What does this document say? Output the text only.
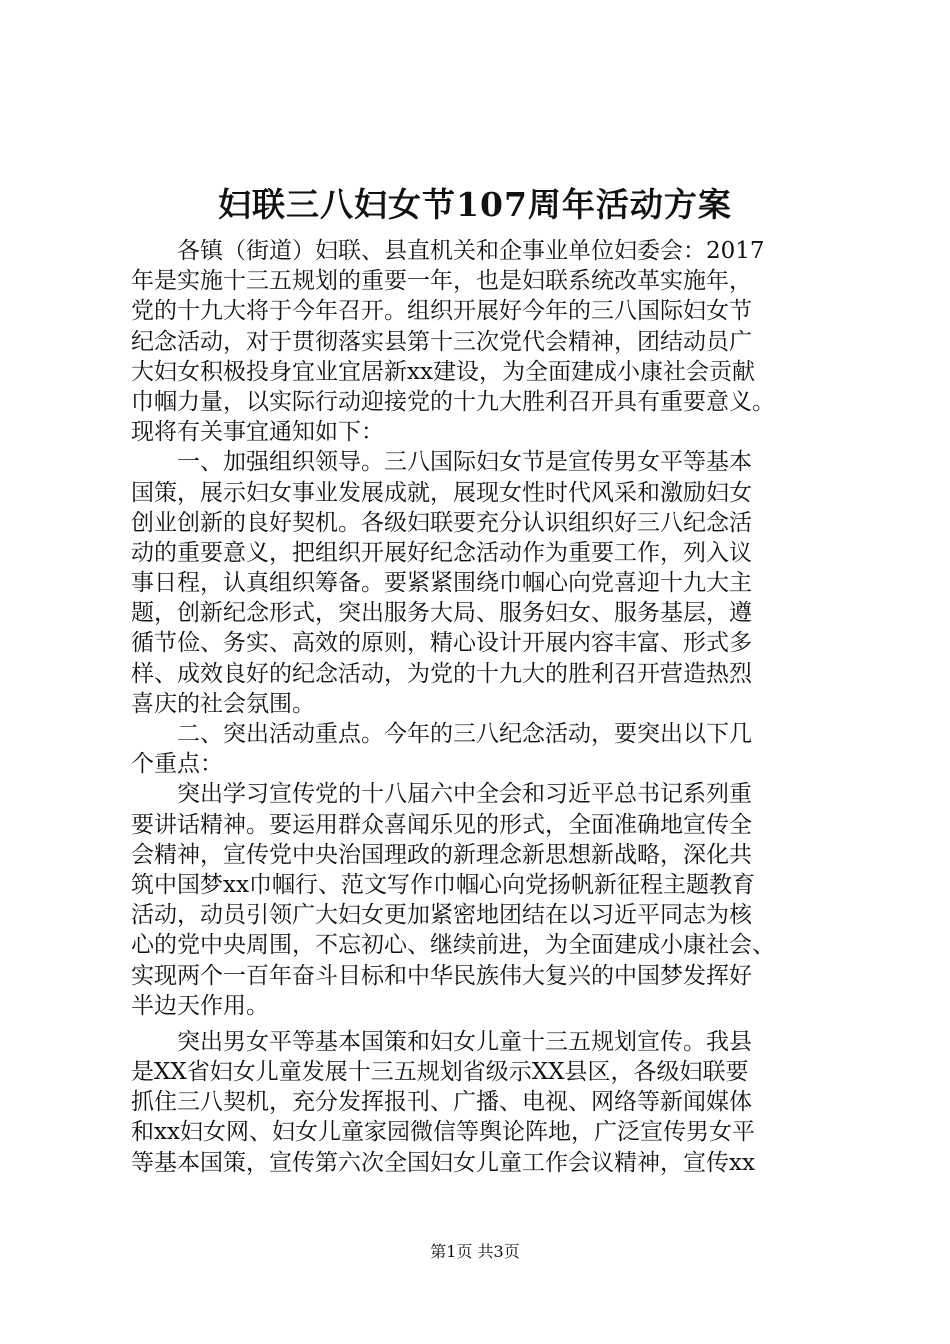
妇联三八妇女节107周年活动方案
　　各镇（街道）妇联、县直机关和企事业单位妇委会：2017
年是实施十三五规划的重要一年，也是妇联系统改革实施年，
党的十九大将于今年召开。组织开展好今年的三八国际妇女节
纪念活动，对于贯彻落实县第十三次党代会精神，团结动员广
大妇女积极投身宜业宜居新xx建设，为全面建成小康社会贡献
巾帼力量，以实际行动迎接党的十九大胜利召开具有重要意义。
现将有关事宜通知如下：
　　一、加强组织领导。三八国际妇女节是宣传男女平等基本
国策，展示妇女事业发展成就，展现女性时代风采和激励妇女
创业创新的良好契机。各级妇联要充分认识组织好三八纪念活
动的重要意义，把组织开展好纪念活动作为重要工作，列入议
事日程，认真组织筹备。要紧紧围绕巾帼心向党喜迎十九大主
题，创新纪念形式，突出服务大局、服务妇女、服务基层，遵
循节俭、务实、高效的原则，精心设计开展内容丰富、形式多
样、成效良好的纪念活动，为党的十九大的胜利召开营造热烈
喜庆的社会氛围。
　　二、突出活动重点。今年的三八纪念活动，要突出以下几
个重点：
　　突出学习宣传党的十八届六中全会和习近平总书记系列重
要讲话精神。要运用群众喜闻乐见的形式，全面准确地宣传全
会精神，宣传党中央治国理政的新理念新思想新战略，深化共
筑中国梦xx巾帼行、范文写作巾帼心向党扬帆新征程主题教育
活动，动员引领广大妇女更加紧密地团结在以习近平同志为核
心的党中央周围，不忘初心、继续前进，为全面建成小康社会、
实现两个一百年奋斗目标和中华民族伟大复兴的中国梦发挥好
半边天作用。
　　突出男女平等基本国策和妇女儿童十三五规划宣传。我县
是XX省妇女儿童发展十三五规划省级示XX县区，各级妇联要
抓住三八契机，充分发挥报刊、广播、电视、网络等新闻媒体
和xx妇女网、妇女儿童家园微信等舆论阵地，广泛宣传男女平
等基本国策，宣传第六次全国妇女儿童工作会议精神，宣传xx
第1页 共3页
